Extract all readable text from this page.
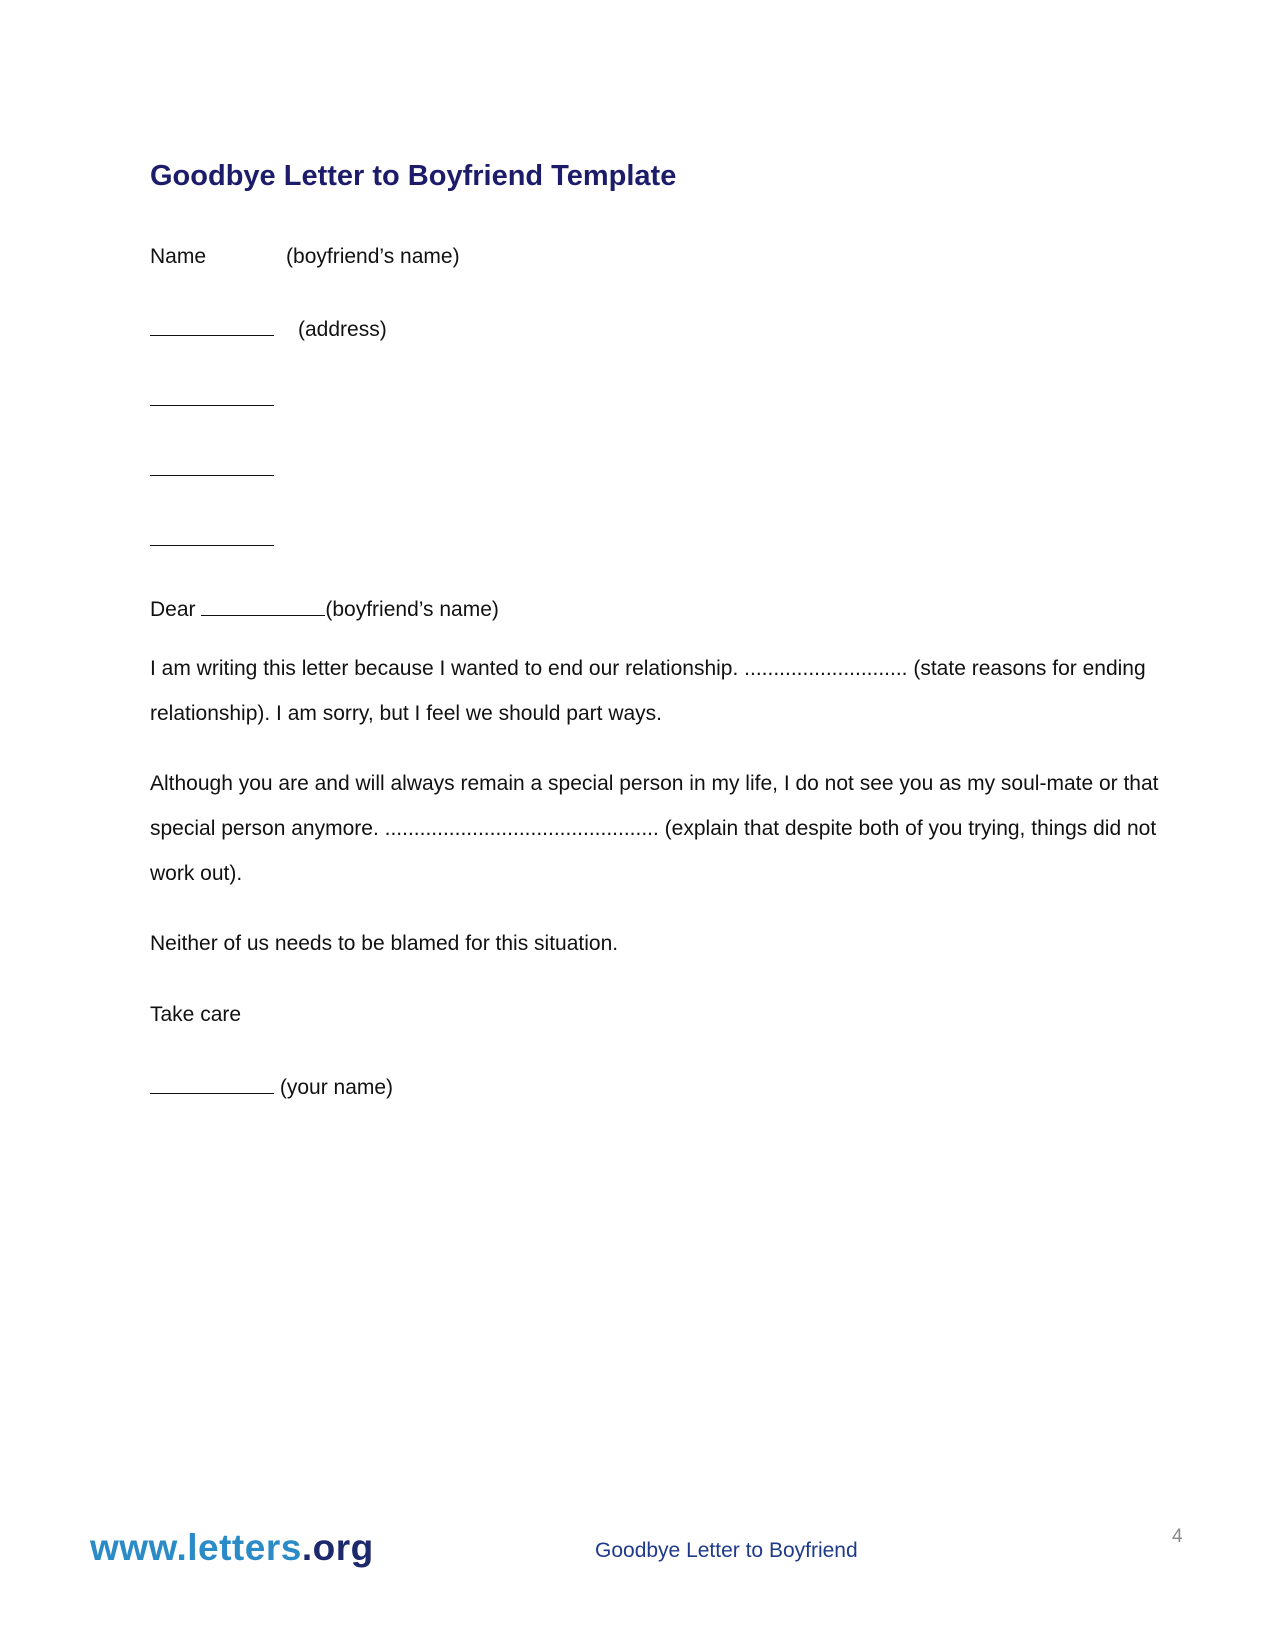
Goodbye Letter to Boyfriend Template
Name	(boyfriend’s name)
(address)
Dear	(boyfriend’s name)
I am writing this letter because I wanted to end our relationship. ............................ (state reasons for ending relationship). I am sorry, but I feel we should part ways.
Although you are and will always remain a special person in my life, I do not see you as my soul-mate or that special person anymore. ............................................... (explain that despite both of you trying, things did not work out).
Neither of us needs to be blamed for this situation.
Take care
(your name)
www.letters.org	Goodbye Letter to Boyfriend
4
